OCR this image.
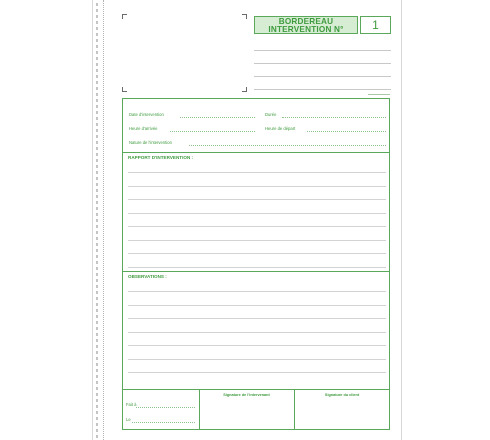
BORDEREAU
INTERVENTION N°	1
Date d'intervention	Durée
Heure d'arrivée	Heure de départ
Nature de l'intervention
RAPPORT D'INTERVENTION :
OBSERVATIONS :
Fait à
Le
Signature de l'intervenant	Signature du client
